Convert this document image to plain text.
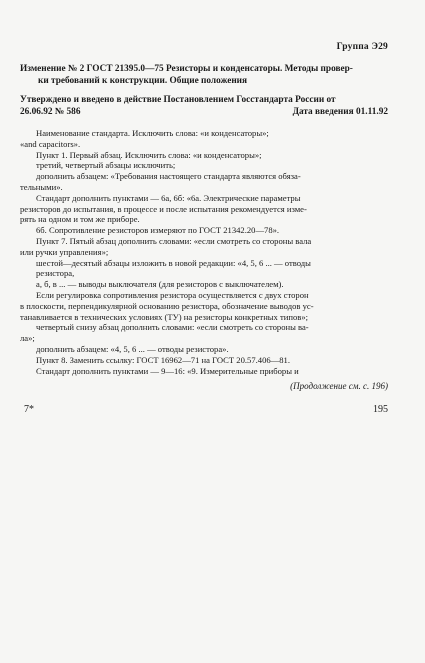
Группа Э29
Изменение № 2 ГОСТ 21395.0—75 Резисторы и конденсаторы. Методы провер-
ки требований к конструкции. Общие положения
Утверждено и введено в действие Постановлением Госстандарта России от
26.06.92 № 586	Дата введения 01.11.92

Наименование стандарта. Исключить слова: «и конденсаторы»;

«and capacitors».

Пункт 1. Первый абзац. Исключить слова: «и конденсаторы»;

третий, четвертый абзацы исключить;

дополнить абзацем: «Требования настоящего стандарта являются обяза-

тельными».

Стандарт дополнить пунктами — 6а, 6б: «6а. Электрические параметры

резисторов до испытания, в процессе и после испытания рекомендуется изме-

рять на одном и том же приборе.

6б. Сопротивление резисторов измеряют по ГОСТ 21342.20—78».

Пункт 7. Пятый абзац дополнить словами: «если смотреть со стороны вала

или ручки управления»;

шестой—десятый абзацы изложить в новой редакции: «4, 5, 6 ... — отводы

резистора,

а, б, в ... — выводы выключателя (для резисторов с выключателем).

Если регулировка сопротивления резистора осуществляется с двух сторон

в плоскости, перпендикулярной основанию резистора, обозначение выводов ус-

танавливается в технических условиях (ТУ) на резисторы конкретных типов»;

четвертый снизу абзац дополнить словами: «если смотреть со стороны ва-

ла»;

дополнить абзацем: «4, 5, 6 ... — отводы резистора».

Пункт 8. Заменить ссылку: ГОСТ 16962—71 на ГОСТ 20.57.406—81.

Стандарт дополнить пунктами — 9—16: «9. Измерительные приборы и

(Продолжение см. с. 196)
7*	195
